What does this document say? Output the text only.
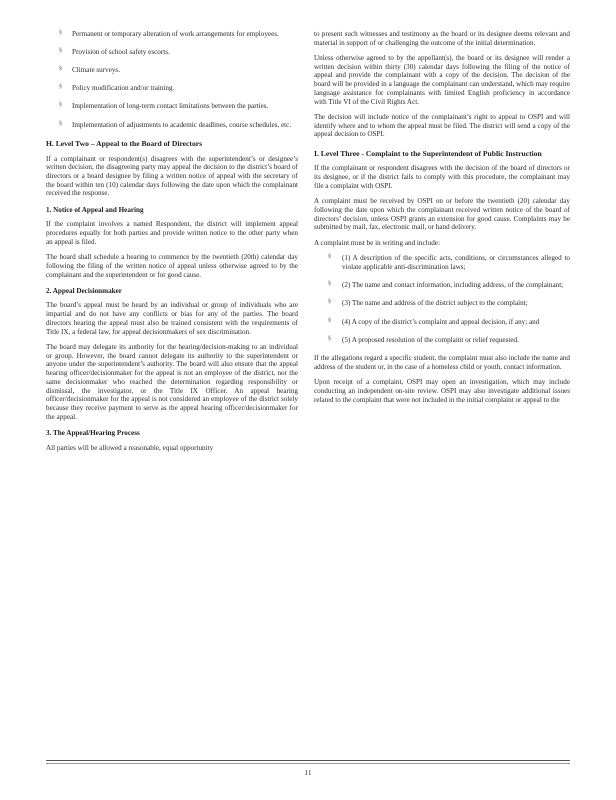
§ Permanent or temporary alteration of work arrangements for employees.
§ Provision of school safety escorts.
§ Climate surveys.
§ Policy modification and/or training.
§ Implementation of long-term contact limitations between the parties.
§ Implementation of adjustments to academic deadlines, course schedules, etc.
H. Level Two – Appeal to the Board of Directors

If a complainant or respondent(s) disagrees with the superintendent’s or designee’s written decision, the disagreeing party may appeal the decision to the district’s board of directors or a board designee by filing a written notice of appeal with the secretary of the board within ten (10) calendar days following the date upon which the complainant received the response.

1. Notice of Appeal and Hearing

If the complaint involves a named Respondent, the district will implement appeal procedures equally for both parties and provide written notice to the other party when an appeal is filed.

The board shall schedule a hearing to commence by the twentieth (20th) calendar day following the filing of the written notice of appeal unless otherwise agreed to by the complainant and the superintendent or for good cause.

2. Appeal Decisionmaker

The board’s appeal must be heard by an individual or group of individuals who are impartial and do not have any conflicts or bias for any of the parties. The board directors hearing the appeal must also be trained consistent with the requirements of Title IX, a federal law, for appeal decisionmakers of sex discrimination.

The board may delegate its authority for the hearing/decision-making to an individual or group. However, the board cannot delegate its authority to the superintendent or anyone under the superintendent’s authority. The board will also ensure that the appeal hearing officer/decisionmaker for the appeal is not an employee of the district, nor the same decisionmaker who reached the determination regarding responsibility or dismissal, the investigator, or the Title IX Officer. An appeal hearing officer/decisionmaker for the appeal is not considered an employee of the district solely because they receive payment to serve as the appeal hearing officer/decisionmaker for the appeal.

3. The Appeal/Hearing Process

All parties will be allowed a reasonable, equal opportunity

to present such witnesses and testimony as the board or its designee deems relevant and material in support of or challenging the outcome of the initial determination.

Unless otherwise agreed to by the appellant(s), the board or its designee will render a written decision within thirty (30) calendar days following the filing of the notice of appeal and provide the complainant with a copy of the decision. The decision of the board will be provided in a language the complainant can understand, which may require language assistance for complainants with limited English proficiency in accordance with Title VI of the Civil Rights Act.

The decision will include notice of the complainant’s right to appeal to OSPI and will identify where and to whom the appeal must be filed. The district will send a copy of the appeal decision to OSPI.

I. Level Three - Complaint to the Superintendent of Public Instruction

If the complainant or respondent disagrees with the decision of the board of directors or its designee, or if the district fails to comply with this procedure, the complainant may file a complaint with OSPI.

A complaint must be received by OSPI on or before the twentieth (20) calendar day following the date upon which the complainant received written notice of the board of directors’ decision, unless OSPI grants an extension for good cause. Complaints may be submitted by mail, fax, electronic mail, or hand delivery.

A complaint must be in writing and include:

§ (1) A description of the specific acts, conditions, or circumstances alleged to violate applicable anti-discrimination laws;
§ (2) The name and contact information, including address, of the complainant;
§ (3) The name and address of the district subject to the complaint;
§ (4) A copy of the district’s complaint and appeal decision, if any; and
§ (5) A proposed resolution of the complaint or relief requested.

If the allegations regard a specific student, the complaint must also include the name and address of the student or, in the case of a homeless child or youth, contact information.

Upon receipt of a complaint, OSPI may open an investigation, which may include conducting an independent on-site review. OSPI may also investigate additional issues related to the complaint that were not included in the initial complaint or appeal to the

11
